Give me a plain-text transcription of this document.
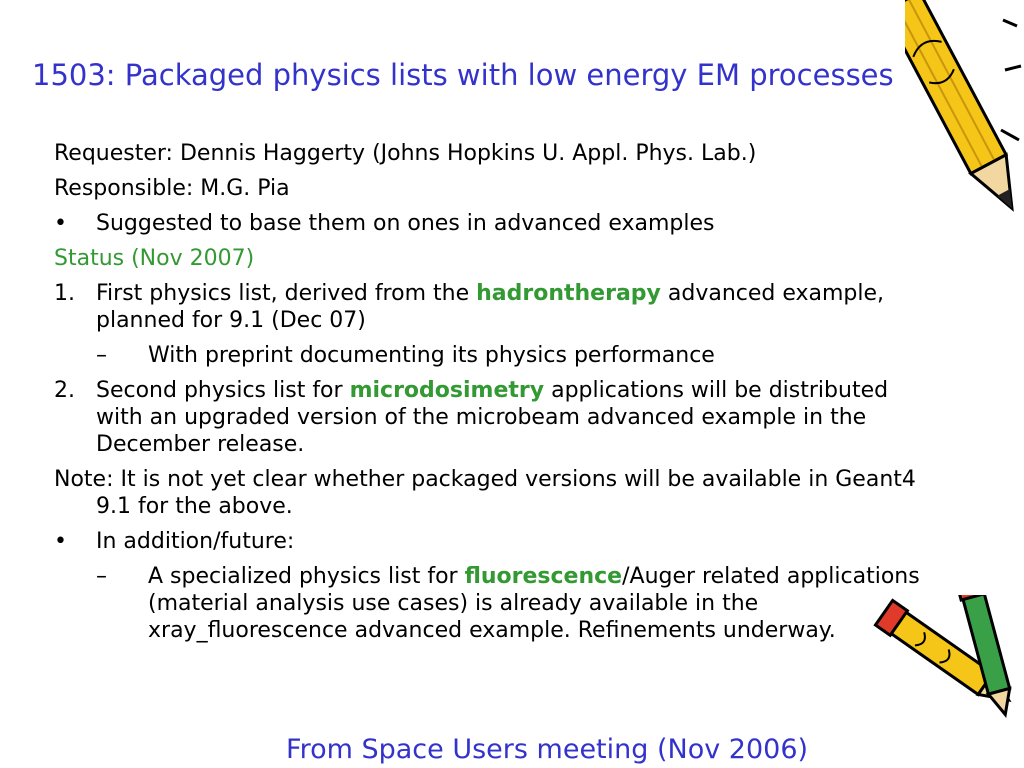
1503: Packaged physics lists with low energy EM processes

Requester: Dennis Haggerty (Johns Hopkins U. Appl. Phys. Lab.)

Responsible: M.G. Pia

• Suggested to base them on ones in advanced examples

Status (Nov 2007)

1. First physics list, derived from the hadrontherapy advanced example, planned for 9.1 (Dec 07)

– With preprint documenting its physics performance

2. Second physics list for microdosimetry applications will be distributed with an upgraded version of the microbeam advanced example in the December release.

Note: It is not yet clear whether packaged versions will be available in Geant4 9.1 for the above.

• In addition/future:

– A specialized physics list for fluorescence/Auger related applications (material analysis use cases) is already available in the xray_fluorescence advanced example. Refinements underway.

From Space Users meeting (Nov 2006)
